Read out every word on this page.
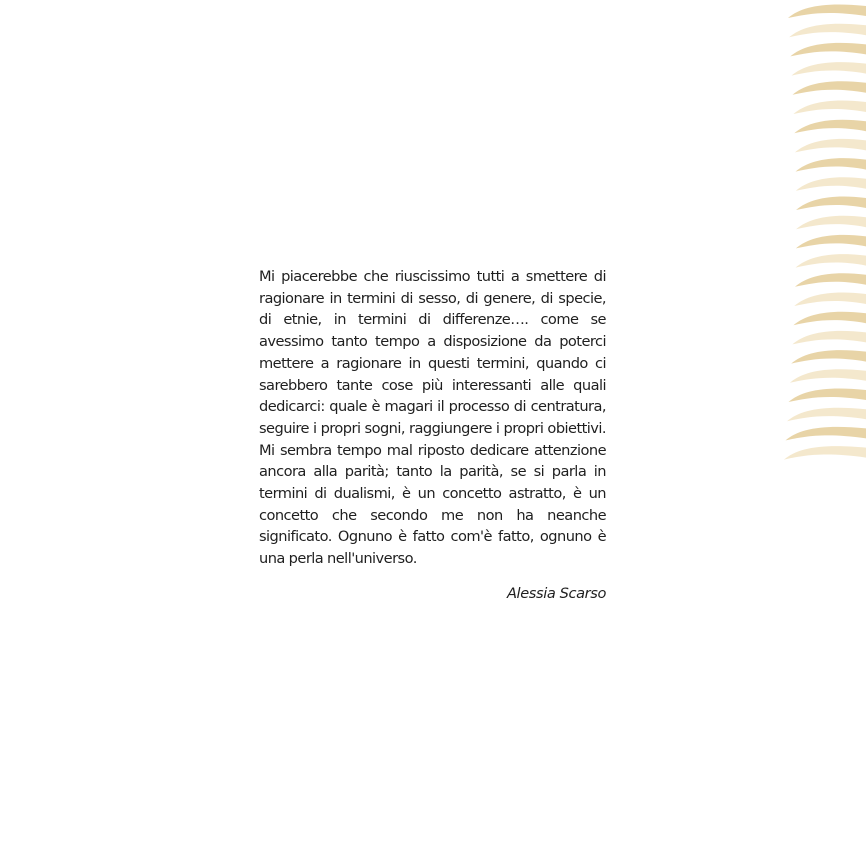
Mi piacerebbe che riuscissimo tutti a smettere di ragionare in termini di sesso, di genere, di specie, di etnie, in termini di differenze…. come se avessimo tanto tempo a disposizione da poterci mettere a ragionare in questi termini, quando ci sarebbero tante cose più interessanti alle quali dedicarci: quale è magari il processo di centratura, seguire i propri sogni, raggiungere i propri obiettivi. Mi sembra tempo mal riposto dedicare attenzione ancora alla parità; tanto la parità, se si parla in termini di dualismi, è un concetto astratto, è un concetto che secondo me non ha neanche significato. Ognuno è fatto com'è fatto, ognuno è una perla nell'universo.

Alessia Scarso
